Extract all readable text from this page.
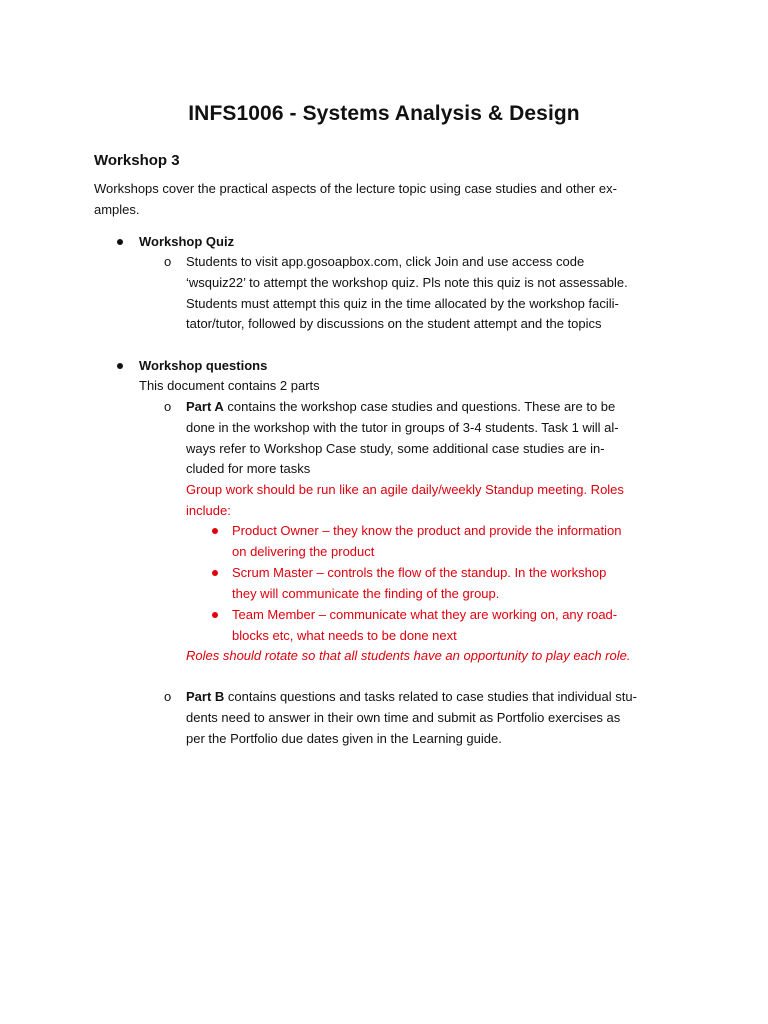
INFS1006 - Systems Analysis & Design
Workshop 3
Workshops cover the practical aspects of the lecture topic using case studies and other ex-
amples.
Workshop Quiz
o Students to visit app.gosoapbox.com, click Join and use access code
‘wsquiz22’ to attempt the workshop quiz. Pls note this quiz is not assessable.
Students must attempt this quiz in the time allocated by the workshop facili-
tator/tutor, followed by discussions on the student attempt and the topics
Workshop questions
This document contains 2 parts
o Part A contains the workshop case studies and questions. These are to be
done in the workshop with the tutor in groups of 3-4 students. Task 1 will al-
ways refer to Workshop Case study, some additional case studies are in-
cluded for more tasks
Group work should be run like an agile daily/weekly Standup meeting. Roles
include:
Product Owner – they know the product and provide the information
on delivering the product
Scrum Master – controls the flow of the standup. In the workshop
they will communicate the finding of the group.
Team Member – communicate what they are working on, any road-
blocks etc, what needs to be done next
Roles should rotate so that all students have an opportunity to play each role.
o Part B contains questions and tasks related to case studies that individual stu-
dents need to answer in their own time and submit as Portfolio exercises as
per the Portfolio due dates given in the Learning guide.
